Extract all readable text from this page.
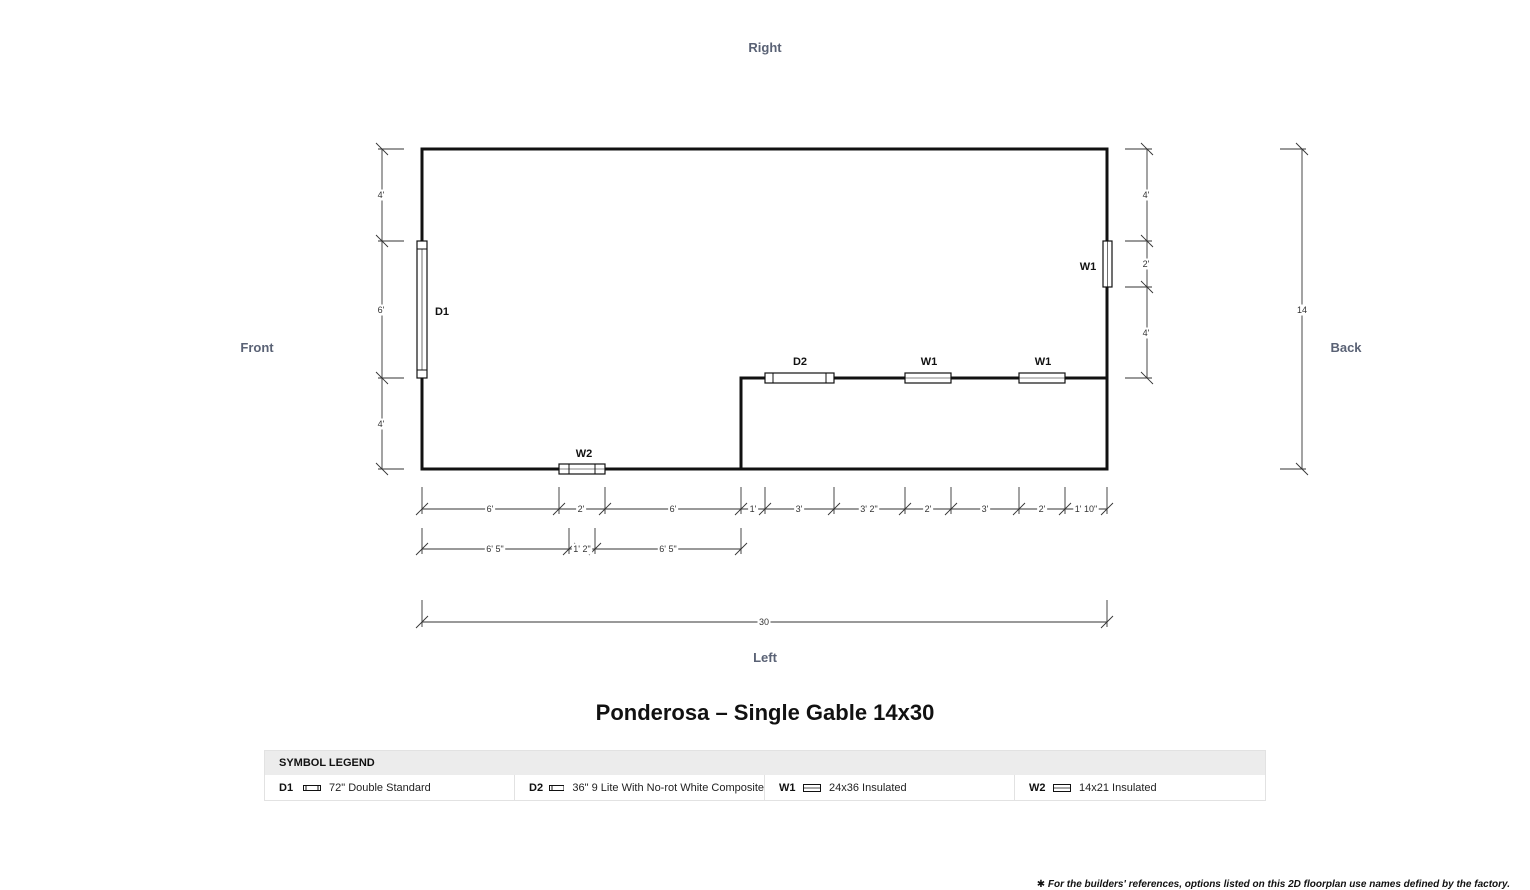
Right
Left
Front	Back
D1
W1
D2	W1	W1
W2
4'
6'
4'
4'
2'
4'
14
6'	2'	6'	1'	3'	3' 2"	2'	3'	2'	1' 10"
6' 5"	1' 2"	6' 5"
30
Ponderosa – Single Gable 14x30
SYMBOL LEGEND
D1	72" Double Standard	D2	36" 9 Lite With No-rot White Composite W1	24x36 Insulated	W2	14x21 Insulated
✱ For the builders' references, options listed on this 2D floorplan use names defined by the factory.
